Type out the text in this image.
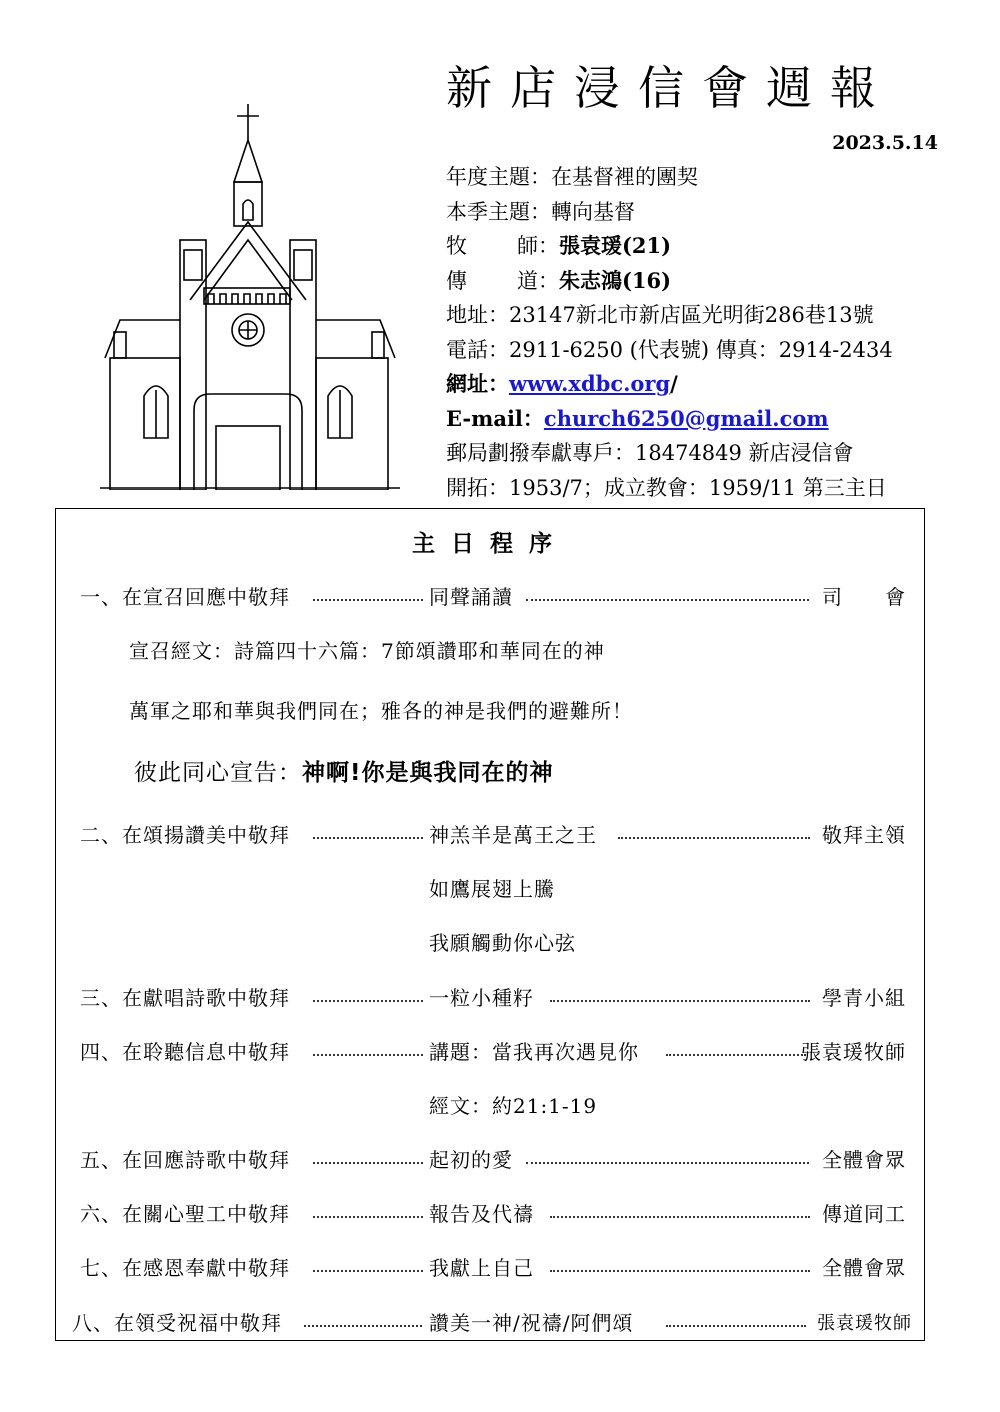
新店浸信會週報
2023.5.14
年度主題：在基督裡的團契
本季主題：轉向基督
牧 師：張袁瑗(21)
傳 道：朱志鴻(16)
地址：23147新北市新店區光明街286巷13號
電話：2911-6250 (代表號) 傳真：2914-2434
網址：www.xdbc.org/
E-mail：church6250@gmail.com
郵局劃撥奉獻專戶：18474849 新店浸信會
開拓：1953/7；成立教會：1959/11 第三主日
主日程序
一、在宣召回應中敬拜	同聲誦讀	司　　會
宣召經文：詩篇四十六篇：7節頌讚耶和華同在的神
萬軍之耶和華與我們同在；雅各的神是我們的避難所！
彼此同心宣告：神啊!你是與我同在的神
二、在頌揚讚美中敬拜	神羔羊是萬王之王	敬拜主領
如鷹展翅上騰
我願觸動你心弦
三、在獻唱詩歌中敬拜	一粒小種籽	學青小組
四、在聆聽信息中敬拜	講題：當我再次遇見你	張袁瑗牧師
經文：約21:1-19
五、在回應詩歌中敬拜	起初的愛	全體會眾
六、在關心聖工中敬拜	報告及代禱	傳道同工
七、在感恩奉獻中敬拜	我獻上自己	全體會眾
八、在領受祝福中敬拜	讚美一神/祝禱/阿們頌	張袁瑗牧師
